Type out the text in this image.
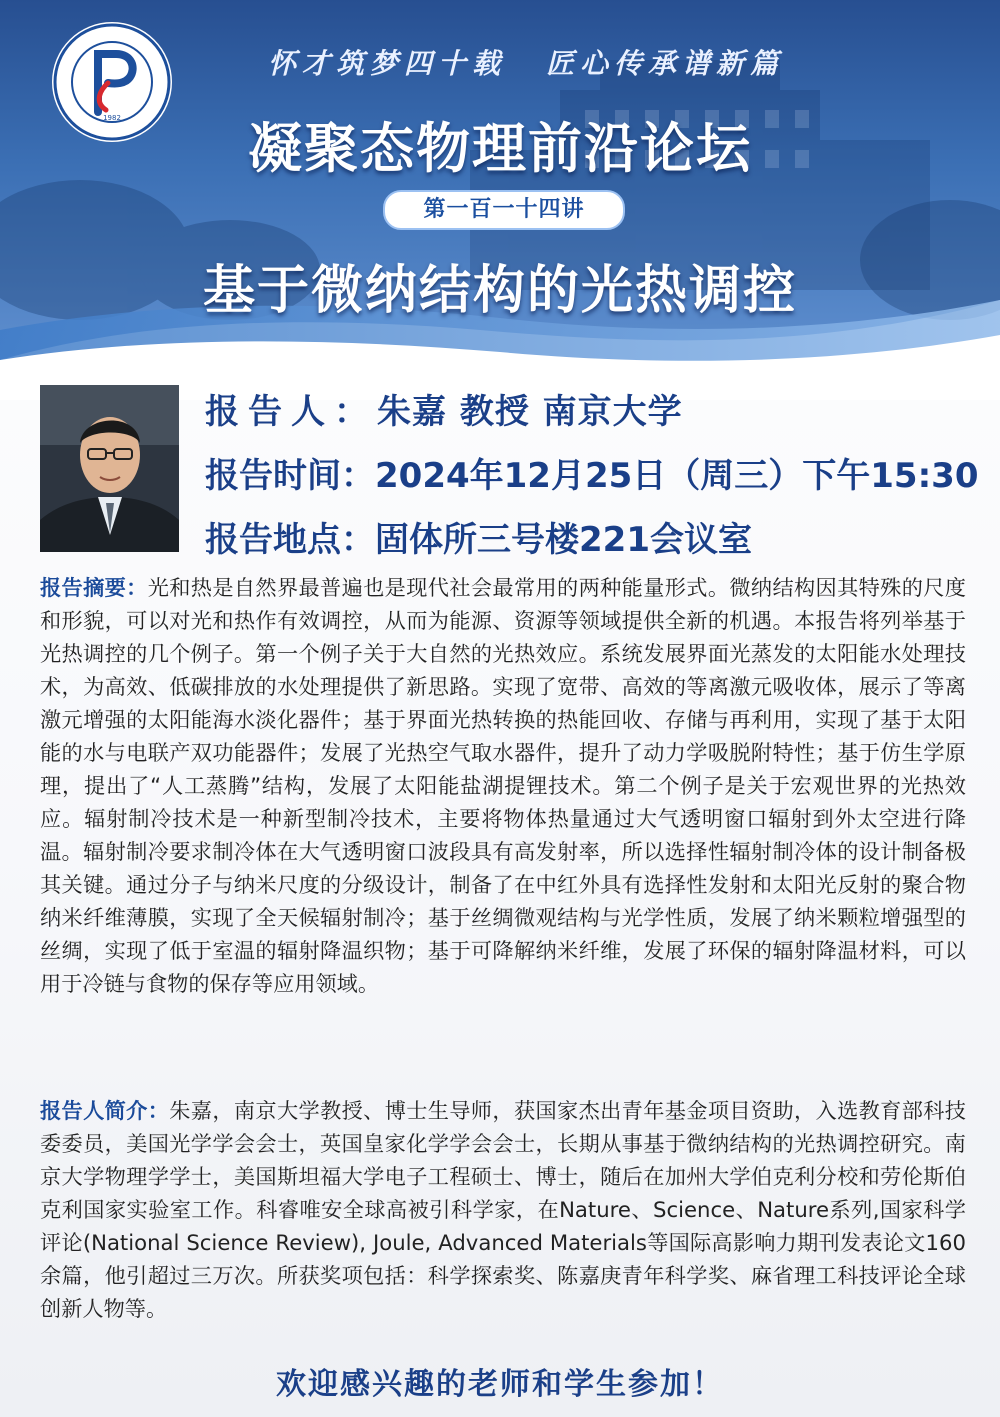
1982
怀才筑梦四十载 匠心传承谱新篇
凝聚态物理前沿论坛
第一百一十四讲
基于微纳结构的光热调控
报告人：朱嘉 教授 南京大学
报告时间：2024年12月25日（周三）下午15:30
报告地点：固体所三号楼221会议室
报告摘要：光和热是自然界最普遍也是现代社会最常用的两种能量形式。微纳结构因其特殊的尺度和形貌，可以对光和热作有效调控，从而为能源、资源等领域提供全新的机遇。本报告将列举基于光热调控的几个例子。第一个例子关于大自然的光热效应。系统发展界面光蒸发的太阳能水处理技术，为高效、低碳排放的水处理提供了新思路。实现了宽带、高效的等离激元吸收体，展示了等离激元增强的太阳能海水淡化器件；基于界面光热转换的热能回收、存储与再利用，实现了基于太阳能的水与电联产双功能器件；发展了光热空气取水器件，提升了动力学吸脱附特性；基于仿生学原理，提出了“人工蒸腾”结构，发展了太阳能盐湖提锂技术。第二个例子是关于宏观世界的光热效应。辐射制冷技术是一种新型制冷技术，主要将物体热量通过大气透明窗口辐射到外太空进行降温。辐射制冷要求制冷体在大气透明窗口波段具有高发射率，所以选择性辐射制冷体的设计制备极其关键。通过分子与纳米尺度的分级设计，制备了在中红外具有选择性发射和太阳光反射的聚合物纳米纤维薄膜，实现了全天候辐射制冷；基于丝绸微观结构与光学性质，发展了纳米颗粒增强型的丝绸，实现了低于室温的辐射降温织物；基于可降解纳米纤维，发展了环保的辐射降温材料，可以用于冷链与食物的保存等应用领域。
报告人简介：朱嘉，南京大学教授、博士生导师，获国家杰出青年基金项目资助，入选教育部科技委委员，美国光学学会会士，英国皇家化学学会会士，长期从事基于微纳结构的光热调控研究。南京大学物理学学士，美国斯坦福大学电子工程硕士、博士，随后在加州大学伯克利分校和劳伦斯伯克利国家实验室工作。科睿唯安全球高被引科学家，在Nature、Science、Nature系列,国家科学评论(National Science Review), Joule, Advanced Materials等国际高影响力期刊发表论文160余篇，他引超过三万次。所获奖项包括：科学探索奖、陈嘉庚青年科学奖、麻省理工科技评论全球创新人物等。
欢迎感兴趣的老师和学生参加！
